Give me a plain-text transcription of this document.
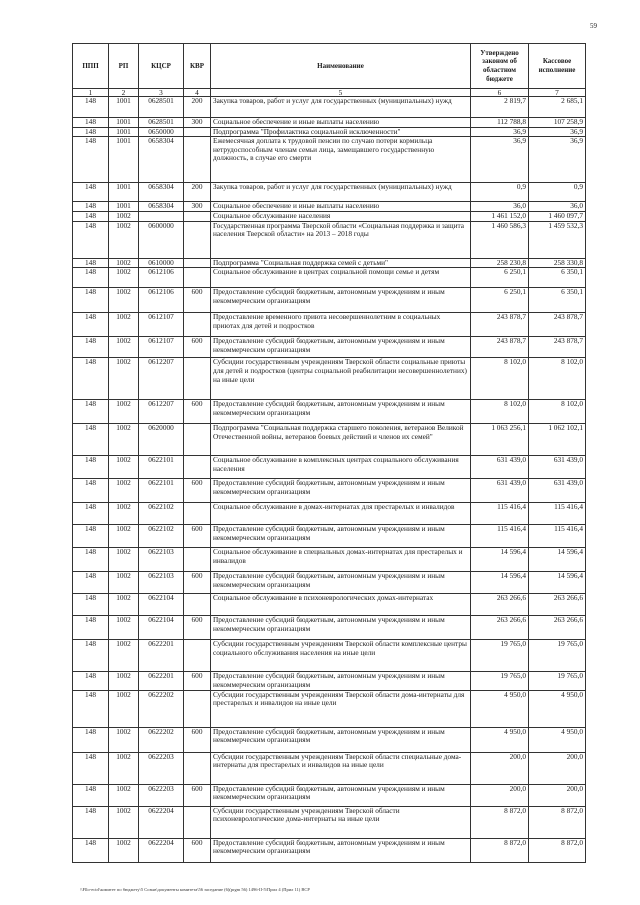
59
ППП	РП	КЦСР	КВР	Наименование	Утверждено законом об областном бюджете	Кассовое исполнение
1	2	3	4	5	6	7
148	1001	0628501	200	Закупка товаров, работ и услуг для государственных (муниципальных) нужд	2 819,7	2 685,1
148	1001	0628501	300	Социальное обеспечение и иные выплаты населению	112 788,8	107 258,9
148	1001	0650000		Подпрограмма "Профилактика социальной исключенности"	36,9	36,9
148	1001	0658304		Ежемесячная доплата к трудовой пенсии по случаю потери кормильца нетрудоспособным членам семьи лица, замещавшего государственную должность, в случае его смерти	36,9	36,9
148	1001	0658304	200	Закупка товаров, работ и услуг для государственных (муниципальных) нужд	0,9	0,9
148	1001	0658304	300	Социальное обеспечение и иные выплаты населению	36,0	36,0
148	1002			Социальное обслуживание населения	1 461 152,0	1 460 097,7
148	1002	0600000		Государственная программа Тверской области «Социальная поддержка и защита населения Тверской области» на 2013 – 2018 годы	1 460 586,3	1 459 532,3
148	1002	0610000		Подпрограмма "Социальная поддержка семей с детьми"	258 230,8	258 330,8
148	1002	0612106		Социальное обслуживание в центрах социальной помощи семье и детям	6 250,1	6 350,1
148	1002	0612106	600	Предоставление субсидий бюджетным, автономным учреждениям и иным некоммерческим организациям	6 250,1	6 350,1
148	1002	0612107		Предоставление временного приюта несовершеннолетним в социальных приютах для детей и подростков	243 878,7	243 878,7
148	1002	0612107	600	Предоставление субсидий бюджетным, автономным учреждениям и иным некоммерческим организациям	243 878,7	243 878,7
148	1002	0612207		Субсидии государственным учреждениям Тверской области социальные приюты для детей и подростков (центры социальной реабилитации несовершеннолетних) на иные цели	8 102,0	8 102,0
148	1002	0612207	600	Предоставление субсидий бюджетным, автономным учреждениям и иным некоммерческим организациям	8 102,0	8 102,0
148	1002	0620000		Подпрограмма "Социальная поддержка старшего поколения, ветеранов Великой Отечественной войны, ветеранов боевых действий и членов их семей"	1 063 256,1	1 062 102,1
148	1002	0622101		Социальное обслуживание в комплексных центрах социального обслуживания населения	631 439,0	631 439,0
148	1002	0622101	600	Предоставление субсидий бюджетным, автономным учреждениям и иным некоммерческим организациям	631 439,0	631 439,0
148	1002	0622102		Социальное обслуживание в домах-интернатах для престарелых и инвалидов	115 416,4	115 416,4
148	1002	0622102	600	Предоставление субсидий бюджетным, автономным учреждениям и иным некоммерческим организациям	115 416,4	115 416,4
148	1002	0622103		Социальное обслуживание в специальных домах-интернатах для престарелых и инвалидов	14 596,4	14 596,4
148	1002	0622103	600	Предоставление субсидий бюджетным, автономным учреждениям и иным некоммерческим организациям	14 596,4	14 596,4
148	1002	0622104		Социальное обслуживание в психоневрологических домах-интернатах	263 266,6	263 266,6
148	1002	0622104	600	Предоставление субсидий бюджетным, автономным учреждениям и иным некоммерческим организациям	263 266,6	263 266,6
148	1002	0622201		Субсидии государственным учреждениям Тверской области комплексные центры социального обслуживания населения на иные цели	19 765,0	19 765,0
148	1002	0622201	600	Предоставление субсидий бюджетным, автономным учреждениям и иным некоммерческим организациям	19 765,0	19 765,0
148	1002	0622202		Субсидии государственным учреждениям Тверской области дома-интернаты для престарелых и инвалидов на иные цели	4 950,0	4 950,0
148	1002	0622202	600	Предоставление субсидий бюджетным, автономным учреждениям и иным некоммерческим организациям	4 950,0	4 950,0
148	1002	0622203		Субсидии государственным учреждениям Тверской области специальные дома-интернаты для престарелых и инвалидов на иные цели	200,0	200,0
148	1002	0622203	600	Предоставление субсидий бюджетным, автономным учреждениям и иным некоммерческим организациям	200,0	200,0
148	1002	0622204		Субсидии государственным учреждениям Тверской области психоневрологические дома-интернаты на иные цели	8 872,0	8 872,0
148	1002	0622204	600	Предоставление субсидий бюджетным, автономным учреждениям и иным некоммерческим организациям	8 872,0	8 872,0
\\Fllo-ectrl\комитет по бюджету\5 Созыв\документы комитета\56 заседание (6)(prgm 56) 1496-II-5\Прил 4 (Прил 11) ВСР
